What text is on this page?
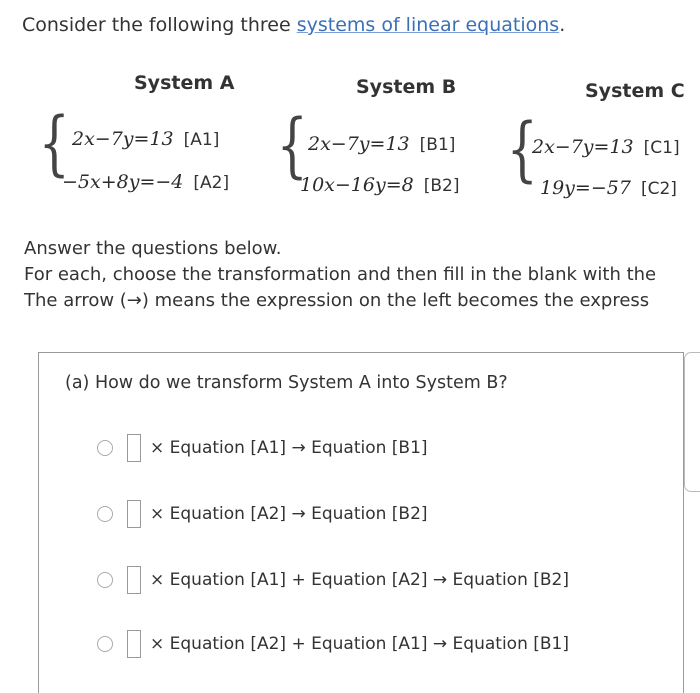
Consider the following three systems of linear equations.
System A	System B	System C
{ 2x−7y=13 [A1]
−5x+8y=−4 [A2] { 2x−7y=13 [B1]
10x−16y=8 [B2] {
2x−7y=13 [C1]
19y=−57 [C2]
Answer the questions below.
For each, choose the transformation and then fill in the blank with the
The arrow (→) means the expression on the left becomes the express
(a) How do we transform System A into System B?
× Equation [A1] → Equation [B1]
× Equation [A2] → Equation [B2]
× Equation [A1] + Equation [A2] → Equation [B2]
× Equation [A2] + Equation [A1] → Equation [B1]
